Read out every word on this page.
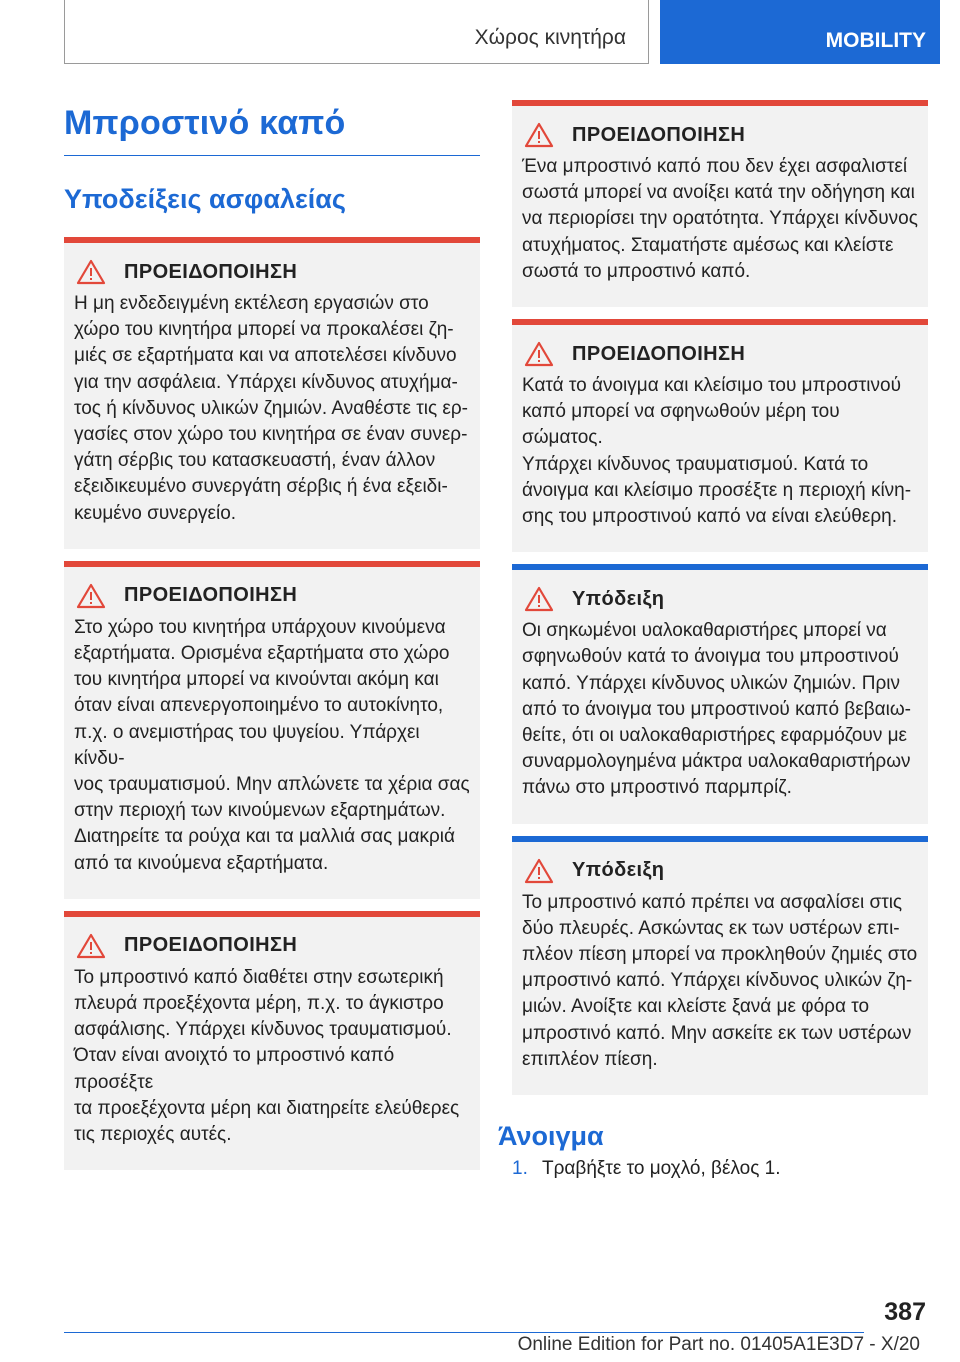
Χώρος κινητήρα	MOBILITY
Μπροστινό καπό
Υποδείξεις ασφαλείας
ΠΡΟΕΙΔΟΠΟΙΗΣΗ
Η μη ενδεδειγμένη εκτέλεση εργασιών στο
χώρο του κινητήρα μπορεί να προκαλέσει ζη-
μιές σε εξαρτήματα και να αποτελέσει κίνδυνο
για την ασφάλεια. Υπάρχει κίνδυνος ατυχήμα-
τος ή κίνδυνος υλικών ζημιών. Αναθέστε τις ερ-
γασίες στον χώρο του κινητήρα σε έναν συνερ-
γάτη σέρβις του κατασκευαστή, έναν άλλον
εξειδικευμένο συνεργάτη σέρβις ή ένα εξειδι-
κευμένο συνεργείο.
ΠΡΟΕΙΔΟΠΟΙΗΣΗ
Στο χώρο του κινητήρα υπάρχουν κινούμενα
εξαρτήματα. Ορισμένα εξαρτήματα στο χώρο
του κινητήρα μπορεί να κινούνται ακόμη και
όταν είναι απενεργοποιημένο το αυτοκίνητο,
π.χ. ο ανεμιστήρας του ψυγείου. Υπάρχει κίνδυ-
νος τραυματισμού. Μην απλώνετε τα χέρια σας
στην περιοχή των κινούμενων εξαρτημάτων.
Διατηρείτε τα ρούχα και τα μαλλιά σας μακριά
από τα κινούμενα εξαρτήματα.
ΠΡΟΕΙΔΟΠΟΙΗΣΗ
Το μπροστινό καπό διαθέτει στην εσωτερική
πλευρά προεξέχοντα μέρη, π.χ. το άγκιστρο
ασφάλισης. Υπάρχει κίνδυνος τραυματισμού.
Όταν είναι ανοιχτό το μπροστινό καπό προσέξτε
τα προεξέχοντα μέρη και διατηρείτε ελεύθερες
τις περιοχές αυτές.
ΠΡΟΕΙΔΟΠΟΙΗΣΗ
Ένα μπροστινό καπό που δεν έχει ασφαλιστεί
σωστά μπορεί να ανοίξει κατά την οδήγηση και
να περιορίσει την ορατότητα. Υπάρχει κίνδυνος
ατυχήματος. Σταματήστε αμέσως και κλείστε
σωστά το μπροστινό καπό.
ΠΡΟΕΙΔΟΠΟΙΗΣΗ
Κατά το άνοιγμα και κλείσιμο του μπροστινού
καπό μπορεί να σφηνωθούν μέρη του σώματος.
Υπάρχει κίνδυνος τραυματισμού. Κατά το
άνοιγμα και κλείσιμο προσέξτε η περιοχή κίνη-
σης του μπροστινού καπό να είναι ελεύθερη.
Υπόδειξη
Οι σηκωμένοι υαλοκαθαριστήρες μπορεί να
σφηνωθούν κατά το άνοιγμα του μπροστινού
καπό. Υπάρχει κίνδυνος υλικών ζημιών. Πριν
από το άνοιγμα του μπροστινού καπό βεβαιω-
θείτε, ότι οι υαλοκαθαριστήρες εφαρμόζουν με
συναρμολογημένα μάκτρα υαλοκαθαριστήρων
πάνω στο μπροστινό παρμπρίζ.
Υπόδειξη
Το μπροστινό καπό πρέπει να ασφαλίσει στις
δύο πλευρές. Ασκώντας εκ των υστέρων επι-
πλέον πίεση μπορεί να προκληθούν ζημιές στο
μπροστινό καπό. Υπάρχει κίνδυνος υλικών ζη-
μιών. Ανοίξτε και κλείστε ξανά με φόρα το
μπροστινό καπό. Μην ασκείτε εκ των υστέρων
επιπλέον πίεση.
Άνοιγμα
1. Τραβήξτε το μοχλό, βέλος 1.
387
Online Edition for Part no. 01405A1E3D7 - X/20
